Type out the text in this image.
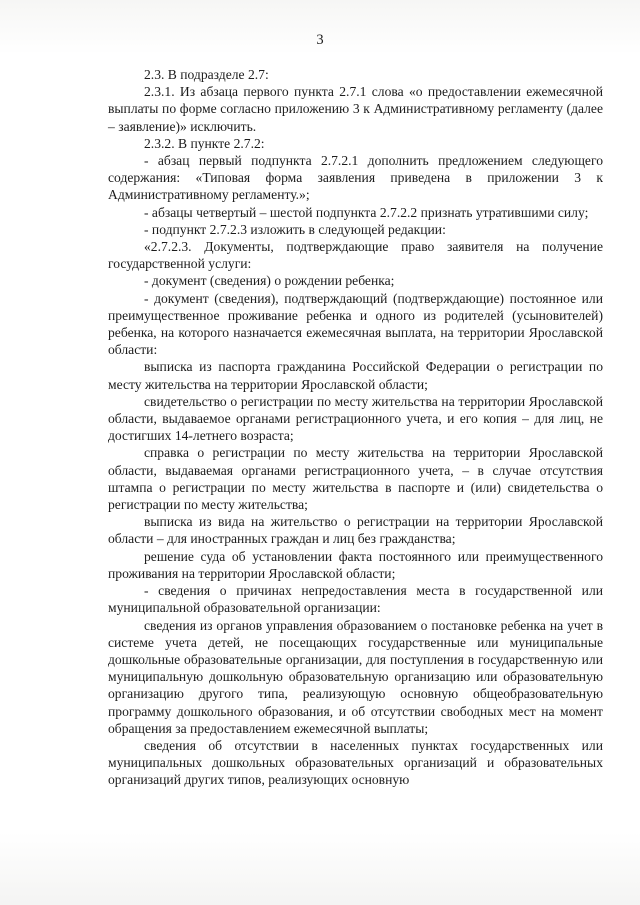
3

2.3. В подразделе 2.7:

2.3.1. Из абзаца первого пункта 2.7.1 слова «о предоставлении ежемесячной выплаты по форме согласно приложению 3 к Административному регламенту (далее – заявление)» исключить.

2.3.2. В пункте 2.7.2:

- абзац первый подпункта 2.7.2.1 дополнить предложением следующего содержания: «Типовая форма заявления приведена в приложении 3 к Административному регламенту.»;

- абзацы четвертый – шестой подпункта 2.7.2.2 признать утратившими силу;

- подпункт 2.7.2.3 изложить в следующей редакции:

«2.7.2.3. Документы, подтверждающие право заявителя на получение государственной услуги:

- документ (сведения) о рождении ребенка;

- документ (сведения), подтверждающий (подтверждающие) постоянное или преимущественное проживание ребенка и одного из родителей (усыновителей) ребенка, на которого назначается ежемесячная выплата, на территории Ярославской области:

выписка из паспорта гражданина Российской Федерации о регистрации по месту жительства на территории Ярославской области;

свидетельство о регистрации по месту жительства на территории Ярославской области, выдаваемое органами регистрационного учета, и его копия – для лиц, не достигших 14-летнего возраста;

справка о регистрации по месту жительства на территории Ярославской области, выдаваемая органами регистрационного учета, – в случае отсутствия штампа о регистрации по месту жительства в паспорте и (или) свидетельства о регистрации по месту жительства;

выписка из вида на жительство о регистрации на территории Ярославской области – для иностранных граждан и лиц без гражданства;

решение суда об установлении факта постоянного или преимущественного проживания на территории Ярославской области;

- сведения о причинах непредоставления места в государственной или муниципальной образовательной организации:

сведения из органов управления образованием о постановке ребенка на учет в системе учета детей, не посещающих государственные или муниципальные дошкольные образовательные организации, для поступления в государственную или муниципальную дошкольную образовательную организацию или образовательную организацию другого типа, реализующую основную общеобразовательную программу дошкольного образования, и об отсутствии свободных мест на момент обращения за предоставлением ежемесячной выплаты;

сведения об отсутствии в населенных пунктах государственных или муниципальных дошкольных образовательных организаций и образовательных организаций других типов, реализующих основную
